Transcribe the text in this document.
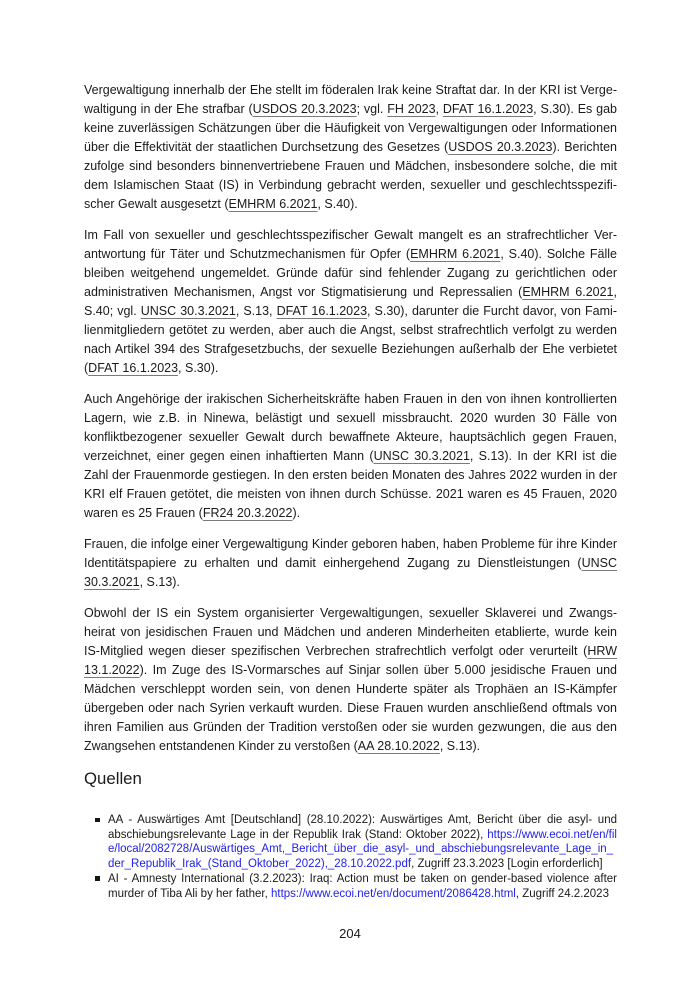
Vergewaltigung innerhalb der Ehe stellt im föderalen Irak keine Straftat dar. In der KRI ist Vergewaltigung in der Ehe strafbar (USDOS 20.3.2023; vgl. FH 2023, DFAT 16.1.2023, S.30). Es gab keine zuverlässigen Schätzungen über die Häufigkeit von Vergewaltigungen oder Informationen über die Effektivität der staatlichen Durchsetzung des Gesetzes (USDOS 20.3.2023). Berichten zufolge sind besonders binnenvertriebene Frauen und Mädchen, insbesondere solche, die mit dem Islamischen Staat (IS) in Verbindung gebracht werden, sexueller und geschlechtsspezifischer Gewalt ausgesetzt (EMHRM 6.2021, S.40).

Im Fall von sexueller und geschlechtsspezifischer Gewalt mangelt es an strafrechtlicher Verantwortung für Täter und Schutzmechanismen für Opfer (EMHRM 6.2021, S.40). Solche Fälle bleiben weitgehend ungemeldet. Gründe dafür sind fehlender Zugang zu gerichtlichen oder administrativen Mechanismen, Angst vor Stigmatisierung und Repressalien (EMHRM 6.2021, S.40; vgl. UNSC 30.3.2021, S.13, DFAT 16.1.2023, S.30), darunter die Furcht davor, von Familienmitgliedern getötet zu werden, aber auch die Angst, selbst strafrechtlich verfolgt zu werden nach Artikel 394 des Strafgesetzbuchs, der sexuelle Beziehungen außerhalb der Ehe verbietet (DFAT 16.1.2023, S.30).

Auch Angehörige der irakischen Sicherheitskräfte haben Frauen in den von ihnen kontrollierten Lagern, wie z.B. in Ninewa, belästigt und sexuell missbraucht. 2020 wurden 30 Fälle von konfliktbezogener sexueller Gewalt durch bewaffnete Akteure, hauptsächlich gegen Frauen, verzeichnet, einer gegen einen inhaftierten Mann (UNSC 30.3.2021, S.13). In der KRI ist die Zahl der Frauenmorde gestiegen. In den ersten beiden Monaten des Jahres 2022 wurden in der KRI elf Frauen getötet, die meisten von ihnen durch Schüsse. 2021 waren es 45 Frauen, 2020 waren es 25 Frauen (FR24 20.3.2022).

Frauen, die infolge einer Vergewaltigung Kinder geboren haben, haben Probleme für ihre Kinder Identitätspapiere zu erhalten und damit einhergehend Zugang zu Dienstleistungen (UNSC 30.3.2021, S.13).

Obwohl der IS ein System organisierter Vergewaltigungen, sexueller Sklaverei und Zwangsheirat von jesidischen Frauen und Mädchen und anderen Minderheiten etablierte, wurde kein IS-Mitglied wegen dieser spezifischen Verbrechen strafrechtlich verfolgt oder verurteilt (HRW 13.1.2022). Im Zuge des IS-Vormarsches auf Sinjar sollen über 5.000 jesidische Frauen und Mädchen verschleppt worden sein, von denen Hunderte später als Trophäen an IS-Kämpfer übergeben oder nach Syrien verkauft wurden. Diese Frauen wurden anschließend oftmals von ihren Familien aus Gründen der Tradition verstoßen oder sie wurden gezwungen, die aus den Zwangsehen entstandenen Kinder zu verstoßen (AA 28.10.2022, S.13).

Quellen

AA - Auswärtiges Amt [Deutschland] (28.10.2022): Auswärtiges Amt, Bericht über die asyl- und abschiebungsrelevante Lage in der Republik Irak (Stand: Oktober 2022), https://www.ecoi.net/en/file/local/2082728/Auswärtiges_Amt,_Bericht_über_die_asyl-_und_abschiebungsrelevante_Lage_in_der_Republik_Irak_(Stand_Oktober_2022),_28.10.2022.pdf, Zugriff 23.3.2023 [Login erforderlich]
AI - Amnesty International (3.2.2023): Iraq: Action must be taken on gender-based violence after murder of Tiba Ali by her father, https://www.ecoi.net/en/document/2086428.html, Zugriff 24.2.2023
204
